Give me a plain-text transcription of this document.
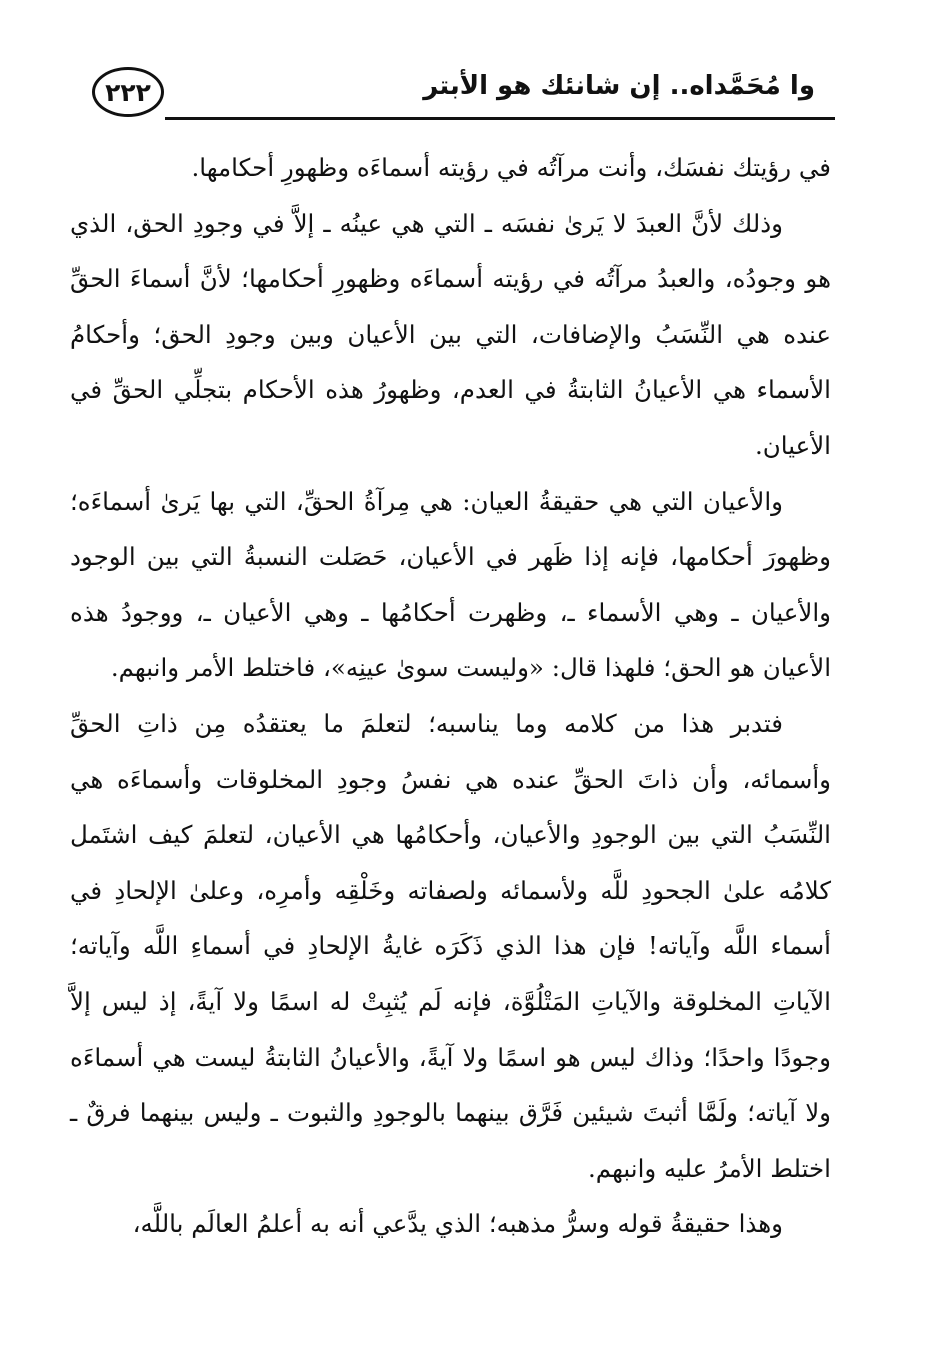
٢٢٢	وا مُحَمَّداه.. إن شانئك هو الأبتر

في رؤيتك نفسَك، وأنت مرآتُه في رؤيته أسماءَه وظهورِ أحكامها.

وذلك لأنَّ العبدَ لا يَرىٰ نفسَه ـ التي هي عينُه ـ إلاَّ في وجودِ الحق، الذي هو وجودُه، والعبدُ مرآتُه في رؤيته أسماءَه وظهورِ أحكامها؛ لأنَّ أسماءَ الحقِّ عنده هي النِّسَبُ والإضافات، التي بين الأعيان وبين وجودِ الحق؛ وأحكامُ الأسماء هي الأعيانُ الثابتةُ في العدم، وظهورُ هذه الأحكام بتجلِّي الحقِّ في الأعيان.

والأعيان التي هي حقيقةُ العيان: هي مِرآةُ الحقِّ، التي بها يَرىٰ أسماءَه؛ وظهورَ أحكامها، فإنه إذا ظَهر في الأعيان، حَصَلت النسبةُ التي بين الوجود والأعيان ـ وهي الأسماء ـ، وظهرت أحكامُها ـ وهي الأعيان ـ، ووجودُ هذه الأعيان هو الحق؛ فلهذا قال: «وليست سوىٰ عينِه»، فاختلط الأمر وانبهم.

فتدبر هذا من كلامه وما يناسبه؛ لتعلمَ ما يعتقدُه مِن ذاتِ الحقِّ وأسمائه، وأن ذاتَ الحقِّ عنده هي نفسُ وجودِ المخلوقات وأسماءَه هي النِّسَبُ التي بين الوجودِ والأعيان، وأحكامُها هي الأعيان، لتعلمَ كيف اشتَمل كلامُه علىٰ الجحودِ للَّه ولأسمائه ولصفاته وخَلْقِه وأمرِه، وعلىٰ الإلحادِ في أسماء اللَّه وآياته! فإن هذا الذي ذَكَرَه غايةُ الإلحادِ في أسماءِ اللَّه وآياته؛ الآياتِ المخلوقة والآياتِ المَتْلُوَّة، فإنه لَم يُثبِتْ له اسمًا ولا آيةً، إذ ليس إلاَّ وجودًا واحدًا؛ وذاك ليس هو اسمًا ولا آيةً، والأعيانُ الثابتةُ ليست هي أسماءَه ولا آياته؛ ولَمَّا أثبتَ شيئين فَرَّق بينهما بالوجودِ والثبوت ـ وليس بينهما فرقٌ ـ اختلط الأمرُ عليه وانبهم.

وهذا حقيقةُ قوله وسرُّ مذهبه؛ الذي يدَّعي أنه به أعلمُ العالَم باللَّه،
